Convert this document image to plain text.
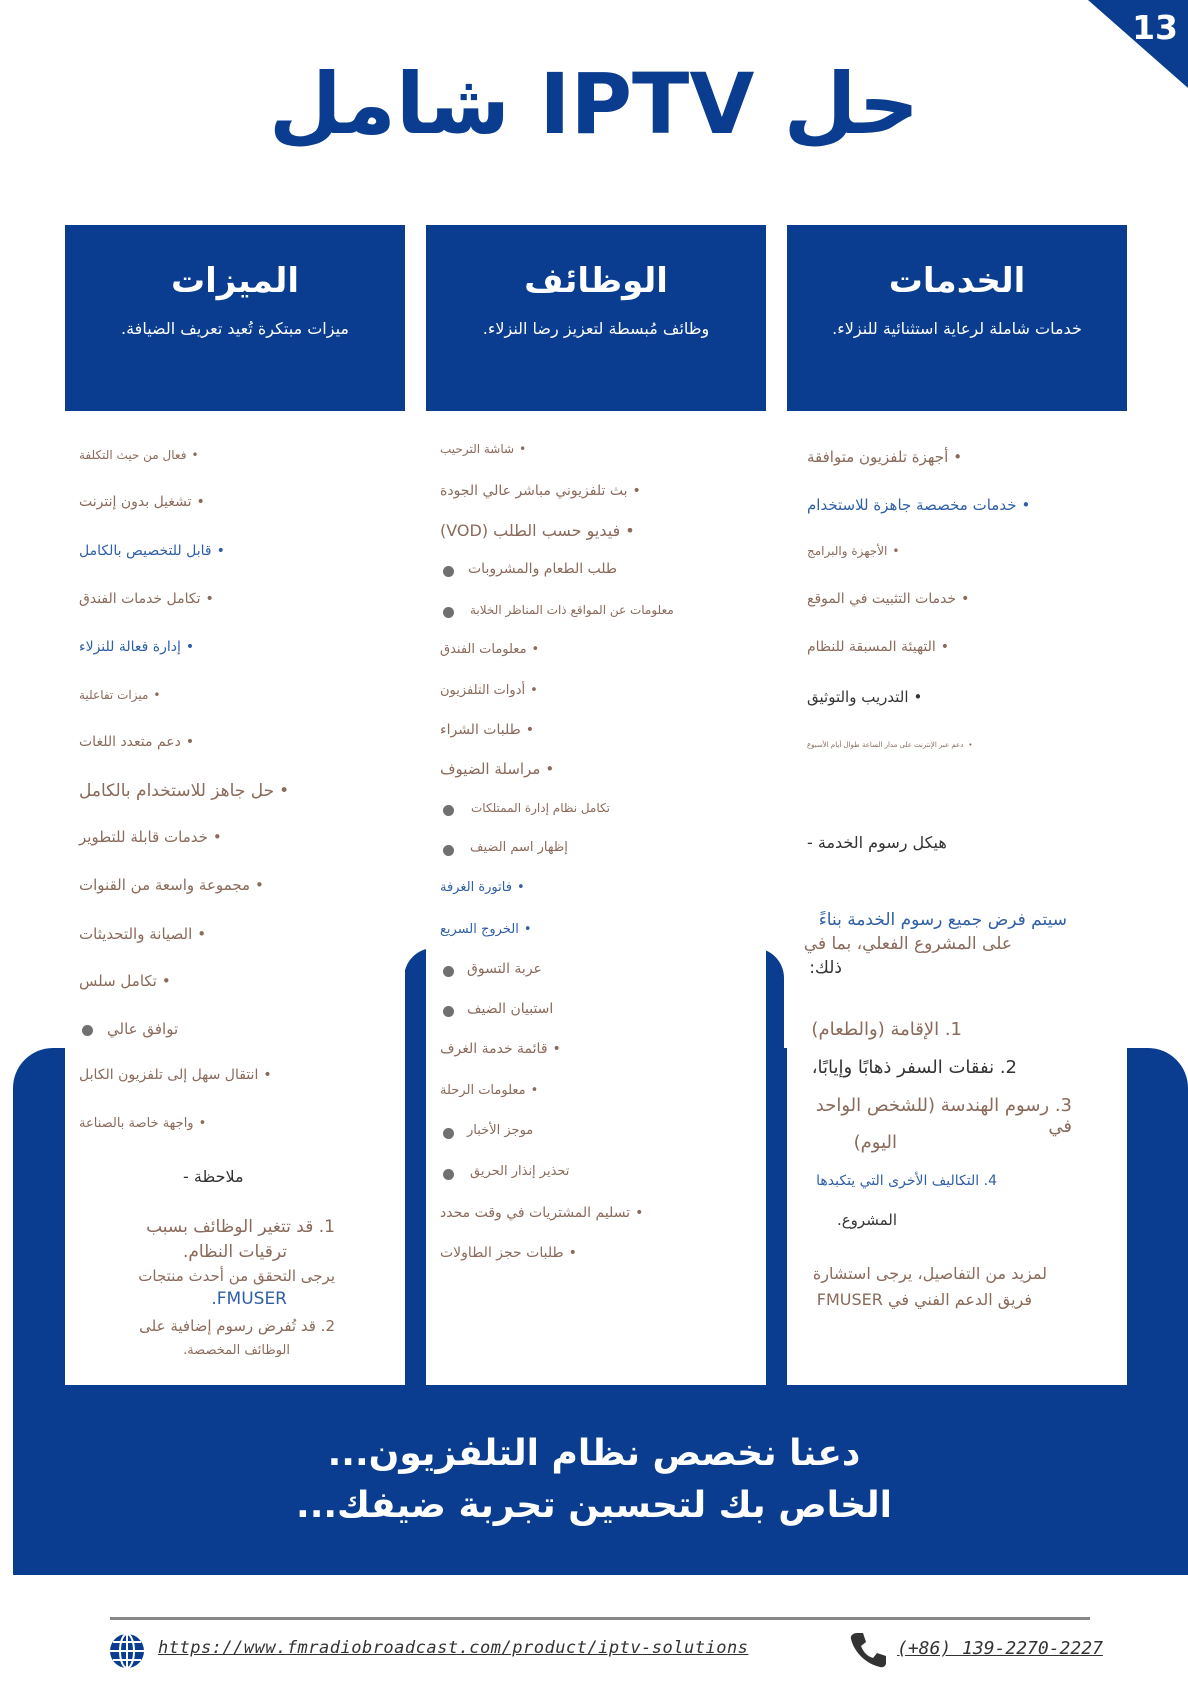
13
حل IPTV شامل
الميزات
ميزات مبتكرة تُعيد تعريف الضيافة.
•فعال من حيث التكلفة
•تشغيل بدون إنترنت
•قابل للتخصيص بالكامل
•تكامل خدمات الفندق
•إدارة فعالة للنزلاء
•ميزات تفاعلية
•دعم متعدد اللغات
•حل جاهز للاستخدام بالكامل
•خدمات قابلة للتطوير
•مجموعة واسعة من القنوات
•الصيانة والتحديثات
•تكامل سلس
توافق عالي
•انتقال سهل إلى تلفزيون الكابل
•واجهة خاصة بالصناعة
ملاحظة -
1. قد تتغير الوظائف بسبب
ترقيات النظام.
يرجى التحقق من أحدث منتجات
FMUSER.
2. قد تُفرض رسوم إضافية على
الوظائف المخصصة.
الوظائف
وظائف مُبسطة لتعزيز رضا النزلاء.
•شاشة الترحيب
•بث تلفزيوني مباشر عالي الجودة
•فيديو حسب الطلب (VOD)
طلب الطعام والمشروبات
معلومات عن المواقع ذات المناظر الخلابة
•معلومات الفندق
•أدوات التلفزيون
•طلبات الشراء
•مراسلة الضيوف
تكامل نظام إدارة الممتلكات
إظهار اسم الضيف
•فاتورة الغرفة
•الخروج السريع
عربة التسوق
استبيان الضيف
•قائمة خدمة الغرف
•معلومات الرحلة
موجز الأخبار
تحذير إنذار الحريق
•تسليم المشتريات في وقت محدد
•طلبات حجز الطاولات
الخدمات
خدمات شاملة لرعاية استثنائية للنزلاء.
•أجهزة تلفزيون متوافقة
•خدمات مخصصة جاهزة للاستخدام
•الأجهزة والبرامج
•خدمات التثبيت في الموقع
•التهيئة المسبقة للنظام
•التدريب والتوثيق
•دعم عبر الإنترنت على مدار الساعة طوال أيام الأسبوع
هيكل رسوم الخدمة -
سيتم فرض جميع رسوم الخدمة بناءً
على المشروع الفعلي، بما في
ذلك:
1. الإقامة (والطعام)
2. نفقات السفر ذهابًا وإيابًا،
3. رسوم الهندسة (للشخص الواحد في
اليوم)
4. التكاليف الأخرى التي يتكبدها
المشروع.
لمزيد من التفاصيل، يرجى استشارة
فريق الدعم الفني في FMUSER
دعنا نخصص نظام التلفزيون...
الخاص بك لتحسين تجربة ضيفك...
https://www.fmradiobroadcast.com/product/iptv-solutions	(+86) 139-2270-2227
